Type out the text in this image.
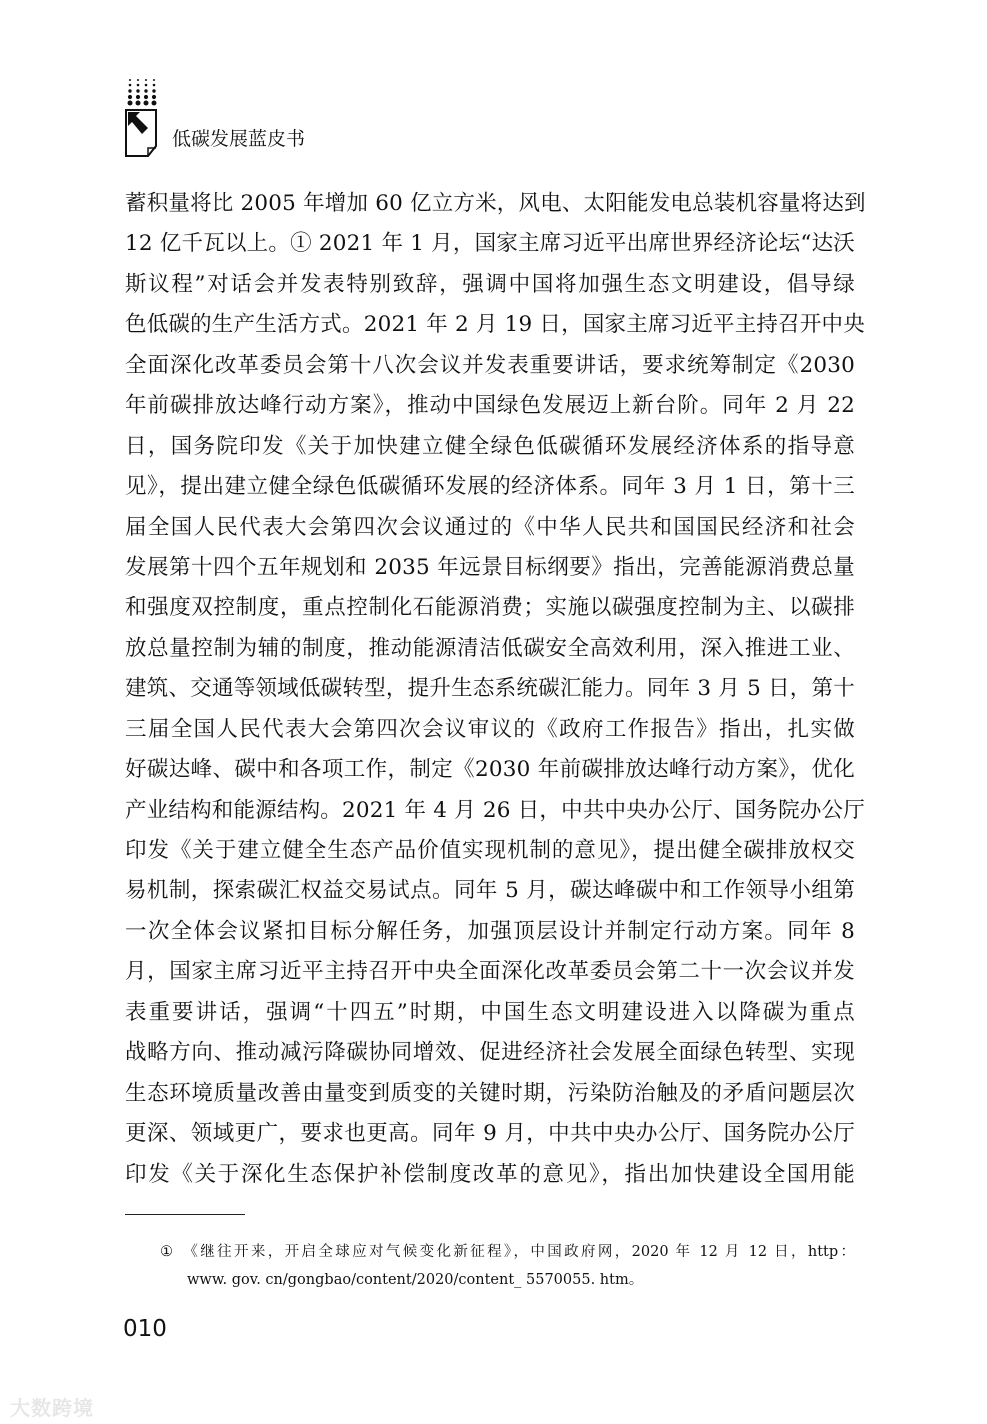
低碳发展蓝皮书
蓄积量将比 2005 年增加 60 亿立方米，风电、太阳能发电总装机容量将达到
12 亿千瓦以上。① 2021 年 1 月，国家主席习近平出席世界经济论坛“达沃
斯议程”对话会并发表特别致辞，强调中国将加强生态文明建设，倡导绿
色低碳的生产生活方式。2021 年 2 月 19 日，国家主席习近平主持召开中央
全面深化改革委员会第十八次会议并发表重要讲话，要求统筹制定《2030
年前碳排放达峰行动方案》，推动中国绿色发展迈上新台阶。同年 2 月 22
日，国务院印发《关于加快建立健全绿色低碳循环发展经济体系的指导意
见》，提出建立健全绿色低碳循环发展的经济体系。同年 3 月 1 日，第十三
届全国人民代表大会第四次会议通过的《中华人民共和国国民经济和社会
发展第十四个五年规划和 2035 年远景目标纲要》指出，完善能源消费总量
和强度双控制度，重点控制化石能源消费；实施以碳强度控制为主、以碳排
放总量控制为辅的制度，推动能源清洁低碳安全高效利用，深入推进工业、
建筑、交通等领域低碳转型，提升生态系统碳汇能力。同年 3 月 5 日，第十
三届全国人民代表大会第四次会议审议的《政府工作报告》指出，扎实做
好碳达峰、碳中和各项工作，制定《2030 年前碳排放达峰行动方案》，优化
产业结构和能源结构。2021 年 4 月 26 日，中共中央办公厅、国务院办公厅
印发《关于建立健全生态产品价值实现机制的意见》，提出健全碳排放权交
易机制，探索碳汇权益交易试点。同年 5 月，碳达峰碳中和工作领导小组第
一次全体会议紧扣目标分解任务，加强顶层设计并制定行动方案。同年 8
月，国家主席习近平主持召开中央全面深化改革委员会第二十一次会议并发
表重要讲话，强调“十四五”时期，中国生态文明建设进入以降碳为重点
战略方向、推动减污降碳协同增效、促进经济社会发展全面绿色转型、实现
生态环境质量改善由量变到质变的关键时期，污染防治触及的矛盾问题层次
更深、领域更广，要求也更高。同年 9 月，中共中央办公厅、国务院办公厅
印发《关于深化生态保护补偿制度改革的意见》，指出加快建设全国用能
① 《继往开来，开启全球应对气候变化新征程》，中国政府网，2020 年 12 月 12 日，http：
www. gov. cn/gongbao/content/2020/content_ 5570055. htm。
010
大数跨境
